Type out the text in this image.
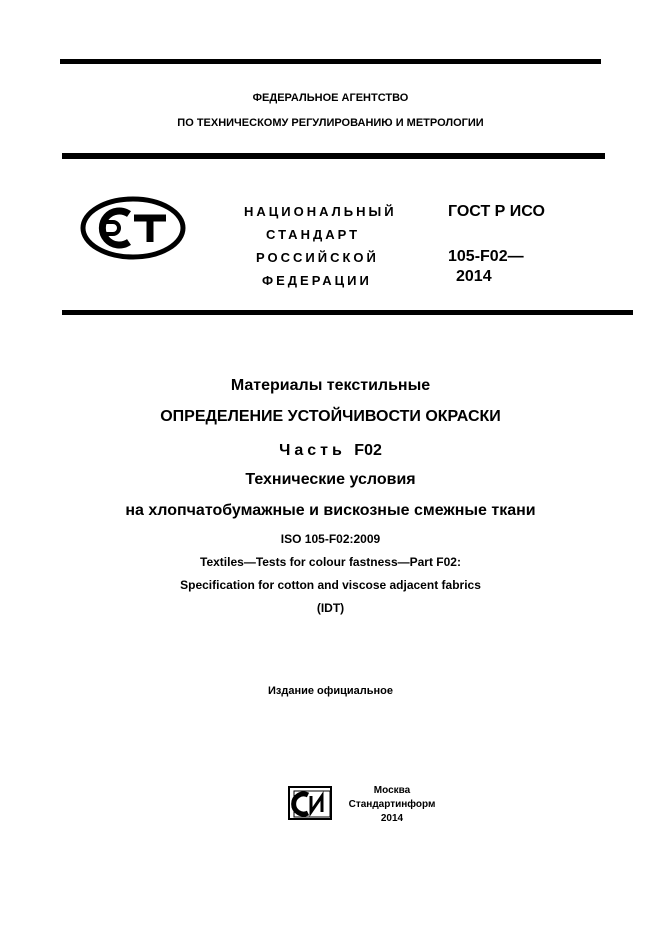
ФЕДЕРАЛЬНОЕ АГЕНТСТВО
ПО ТЕХНИЧЕСКОМУ РЕГУЛИРОВАНИЮ И МЕТРОЛОГИИ
НАЦИОНАЛЬНЫЙ
СТАНДАРТ
РОССИЙСКОЙ
ФЕДЕРАЦИИ
ГОСТ Р ИСО
105-F02—
2014
Материалы текстильные
ОПРЕДЕЛЕНИЕ УСТОЙЧИВОСТИ ОКРАСКИ
Часть F02
Технические условия
на хлопчатобумажные и вискозные смежные ткани
ISO 105-F02:2009
Textiles—Tests for colour fastness—Part F02:
Specification for cotton and viscose adjacent fabrics
(IDT)
Издание официальное
Москва
Стандартинформ
2014
